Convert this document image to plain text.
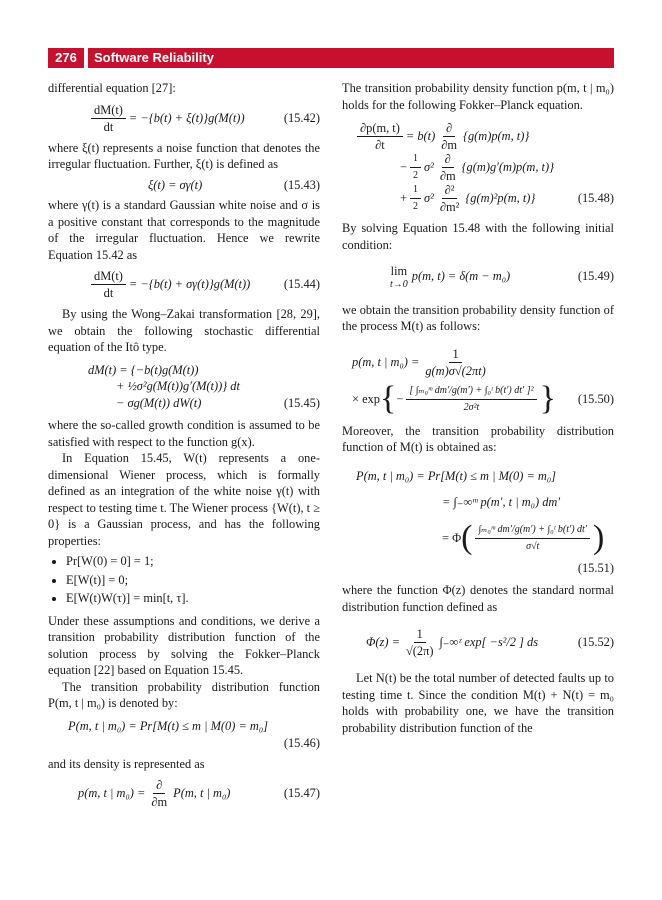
276	Software Reliability

differential equation [27]:

$\frac{dM(t)}{dt} = -\{b(t) + \xi(t)\}g(M(t))$	(15.42)

where ξ(t) represents a noise function that denotes the irregular fluctuation. Further, ξ(t) is defined as

ξ(t) = σγ(t)	(15.43)

where γ(t) is a standard Gaussian white noise and σ is a positive constant that corresponds to the magnitude of the irregular fluctuation. Hence we rewrite Equation 15.42 as

$\frac{dM(t)}{dt} = -\{b(t) + \sigma\gamma(t)\}g(M(t))$	(15.44)

By using the Wong–Zakai transformation [28, 29], we obtain the following stochastic differential equation of the Itô type.

dM(t) = {−b(t)g(M(t))
+ ½σ²g(M(t))g′(M(t))} dt
− σg(M(t)) dW(t)	(15.45)

where the so-called growth condition is assumed to be satisfied with respect to the function g(x).

In Equation 15.45, W(t) represents a one-dimensional Wiener process, which is formally defined as an integration of the white noise γ(t) with respect to testing time t. The Wiener process {W(t), t ≥ 0} is a Gaussian process, and has the following properties:

• Pr[W(0) = 0] = 1;
• E[W(t)] = 0;
• E[W(t)W(τ)] = min[t, τ].

Under these assumptions and conditions, we derive a transition probability distribution function of the solution process by solving the Fokker–Planck equation [22] based on Equation 15.45.

The transition probability distribution function P(m, t | m₀) is denoted by:

P(m, t | m₀) = Pr[M(t) ≤ m | M(0) = m₀]
(15.46)

and its density is represented as

p(m, t | $m_0) = \frac{\partial}{\partial m} P(m$, t | m₀)	(15.47)

The transition probability density function p(m, t | m₀) holds for the following Fokker–Planck equation.

$\frac{\partial p(m, t)}{\partial t} = b(t) \frac{\partial}{\partial m} \{g(m)p(m$, t)}
− $\frac{1}{2} \sigma^2 \frac{\partial}{\partial m} \{g(m)g'(m)p(m$, t)}
+ $\frac{1}{2} \sigma^2 \frac{\text{∂²}}{\text{∂m²}} \{g(m)^2p(m$, t)}	(15.48)

By solving Equation 15.48 with the following initial condition:

lim
t→0
p(m, t) = δ(m − m₀)	(15.49)

we obtain the transition probability density function of the process M(t) as follows:

p(m, t | $m_0) = \frac{1}{g(m)\sigma√(2\pi t)}$
× exp { − $\frac{\text{[ ∫ₘ₀ᵐ dm′/g(m′) + ∫₀ᵗ b(t′) dt′ ]²}}{\text{2σ²t}}$ } (15.50)

Moreover, the transition probability distribution function of M(t) is obtained as:

P(m, t | m₀) = Pr[M(t) ≤ m | M(0) = m₀]
= ∫₋∞ᵐ p(m′, t | m₀) dm′
= Φ ( $\frac{\text{∫ₘ₀ᵐ dm′/g(m′) + ∫₀ᵗ b(t′) dt′}}{\sigma√t}$ )
(15.51)

where the function Φ(z) denotes the standard normal distribution function defined as

$\Phi(z) = \frac{1}{√(2\pi)}$ ∫₋∞ᶻ exp[ −s²/2 ] ds	(15.52)

Let N(t) be the total number of detected faults up to testing time t. Since the condition M(t) + N(t) = m₀ holds with probability one, we have the transition probability distribution function of the
